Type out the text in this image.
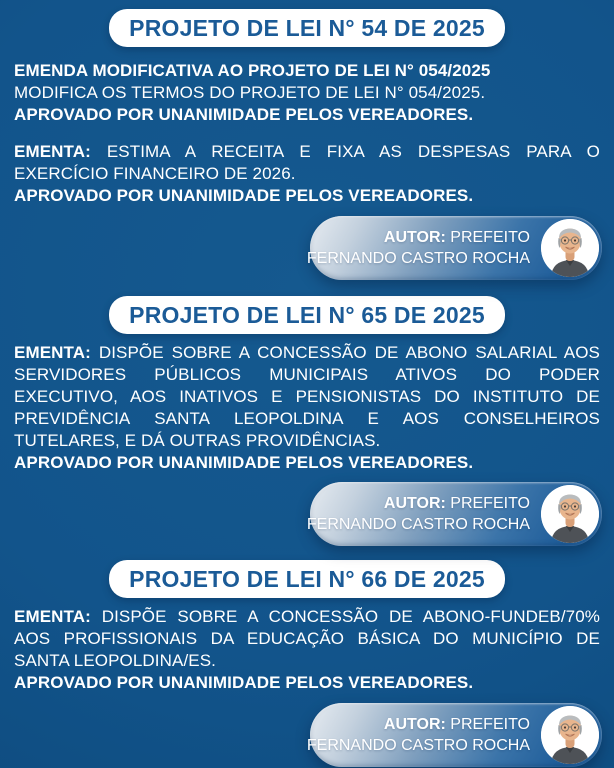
PROJETO DE LEI N° 54 DE 2025
EMENDA MODIFICATIVA AO PROJETO DE LEI N° 054/2025
MODIFICA OS TERMOS DO PROJETO DE LEI N° 054/2025.
APROVADO POR UNANIMIDADE PELOS VEREADORES.
EMENTA: ESTIMA A RECEITA E FIXA AS DESPESAS PARA O
EXERCÍCIO FINANCEIRO DE 2026.
APROVADO POR UNANIMIDADE PELOS VEREADORES.
AUTOR: PREFEITO
FERNANDO CASTRO ROCHA
PROJETO DE LEI N° 65 DE 2025
EMENTA: DISPÕE SOBRE A CONCESSÃO DE ABONO SALARIAL AOS
SERVIDORES PÚBLICOS MUNICIPAIS ATIVOS DO PODER
EXECUTIVO, AOS INATIVOS E PENSIONISTAS DO INSTITUTO DE
PREVIDÊNCIA SANTA LEOPOLDINA E AOS CONSELHEIROS
TUTELARES, E DÁ OUTRAS PROVIDÊNCIAS.
APROVADO POR UNANIMIDADE PELOS VEREADORES.
AUTOR: PREFEITO
FERNANDO CASTRO ROCHA
PROJETO DE LEI N° 66 DE 2025
EMENTA: DISPÕE SOBRE A CONCESSÃO DE ABONO-FUNDEB/70%
AOS PROFISSIONAIS DA EDUCAÇÃO BÁSICA DO MUNICÍPIO DE
SANTA LEOPOLDINA/ES.
APROVADO POR UNANIMIDADE PELOS VEREADORES.
AUTOR: PREFEITO
FERNANDO CASTRO ROCHA
